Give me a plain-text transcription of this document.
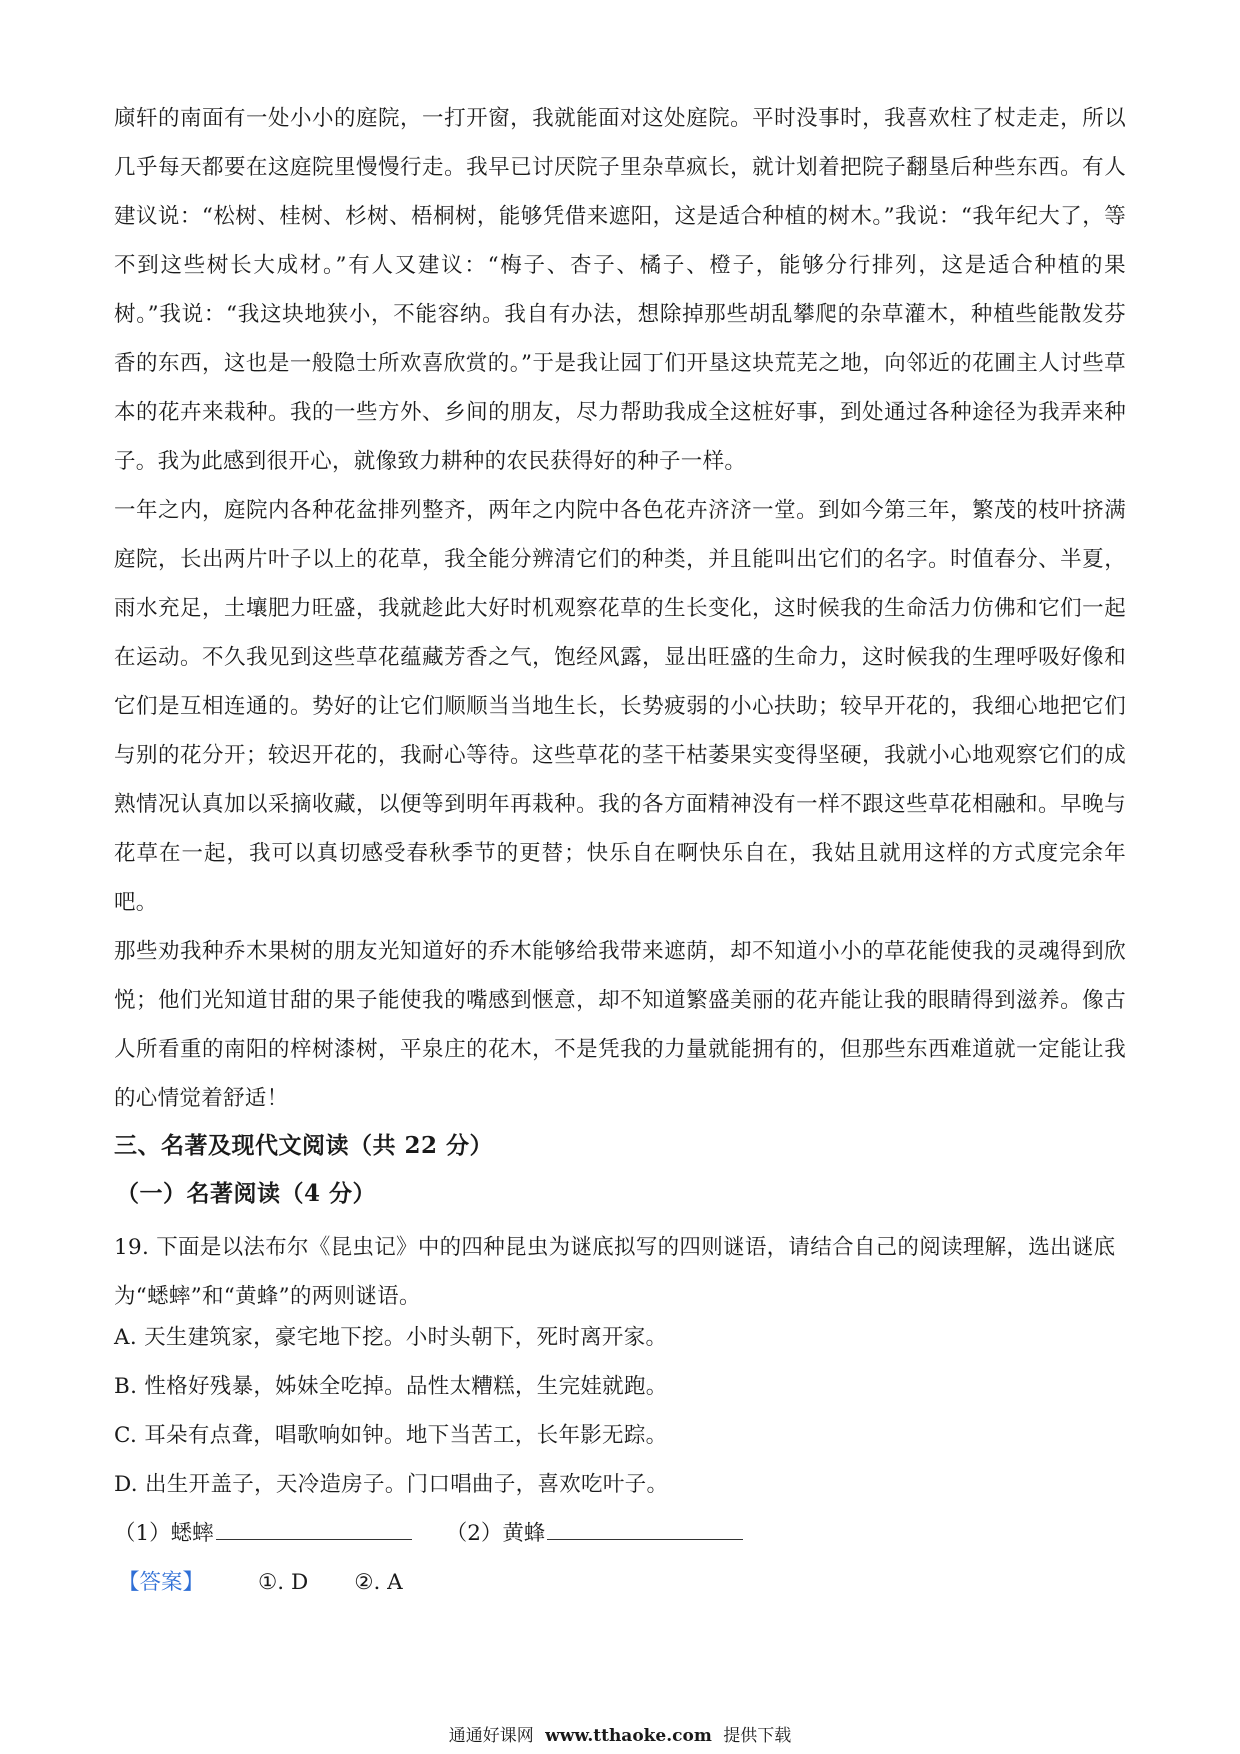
庼轩的南面有一处小小的庭院，一打开窗，我就能面对这处庭院。平时没事时，我喜欢柱了杖走走，所以几乎每天都要在这庭院里慢慢行走。我早已讨厌院子里杂草疯长，就计划着把院子翻垦后种些东西。有人建议说：“松树、桂树、杉树、梧桐树，能够凭借来遮阳，这是适合种植的树木。”我说：“我年纪大了，等不到这些树长大成材。”有人又建议：“梅子、杏子、橘子、橙子，能够分行排列，这是适合种植的果树。”我说：“我这块地狭小，不能容纳。我自有办法，想除掉那些胡乱攀爬的杂草灌木，种植些能散发芬香的东西，这也是一般隐士所欢喜欣赏的。”于是我让园丁们开垦这块荒芜之地，向邻近的花圃主人讨些草本的花卉来栽种。我的一些方外、乡间的朋友，尽力帮助我成全这桩好事，到处通过各种途径为我弄来种子。我为此感到很开心，就像致力耕种的农民获得好的种子一样。

一年之内，庭院内各种花盆排列整齐，两年之内院中各色花卉济济一堂。到如今第三年，繁茂的枝叶挤满庭院，长出两片叶子以上的花草，我全能分辨清它们的种类，并且能叫出它们的名字。时值春分、半夏，雨水充足，土壤肥力旺盛，我就趁此大好时机观察花草的生长变化，这时候我的生命活力仿佛和它们一起在运动。不久我见到这些草花蕴藏芳香之气，饱经风露，显出旺盛的生命力，这时候我的生理呼吸好像和它们是互相连通的。势好的让它们顺顺当当地生长，长势疲弱的小心扶助；较早开花的，我细心地把它们与别的花分开；较迟开花的，我耐心等待。这些草花的茎干枯萎果实变得坚硬，我就小心地观察它们的成熟情况认真加以采摘收藏，以便等到明年再栽种。我的各方面精神没有一样不跟这些草花相融和。早晚与花草在一起，我可以真切感受春秋季节的更替；快乐自在啊快乐自在，我姑且就用这样的方式度完余年吧。

那些劝我种乔木果树的朋友光知道好的乔木能够给我带来遮荫，却不知道小小的草花能使我的灵魂得到欣悦；他们光知道甘甜的果子能使我的嘴感到惬意，却不知道繁盛美丽的花卉能让我的眼睛得到滋养。像古人所看重的南阳的梓树漆树，平泉庄的花木，不是凭我的力量就能拥有的，但那些东西难道就一定能让我的心情觉着舒适！

三、名著及现代文阅读（共 22 分）
（一）名著阅读（4 分）

19. 下面是以法布尔《昆虫记》中的四种昆虫为谜底拟写的四则谜语，请结合自己的阅读理解，选出谜底为“蟋蟀”和“黄蜂”的两则谜语。

A. 天生建筑家，豪宅地下挖。小时头朝下，死时离开家。

B. 性格好残暴，姊妹全吃掉。品性太糟糕，生完娃就跑。

C. 耳朵有点聋，唱歌响如钟。地下当苦工，长年影无踪。

D. 出生开盖子，天冷造房子。门口唱曲子，喜欢吃叶子。

（1）蟋蟀	（2）黄蜂
【答案】	①. D ②. A
通通好课网 www.tthaoke.com 提供下载
